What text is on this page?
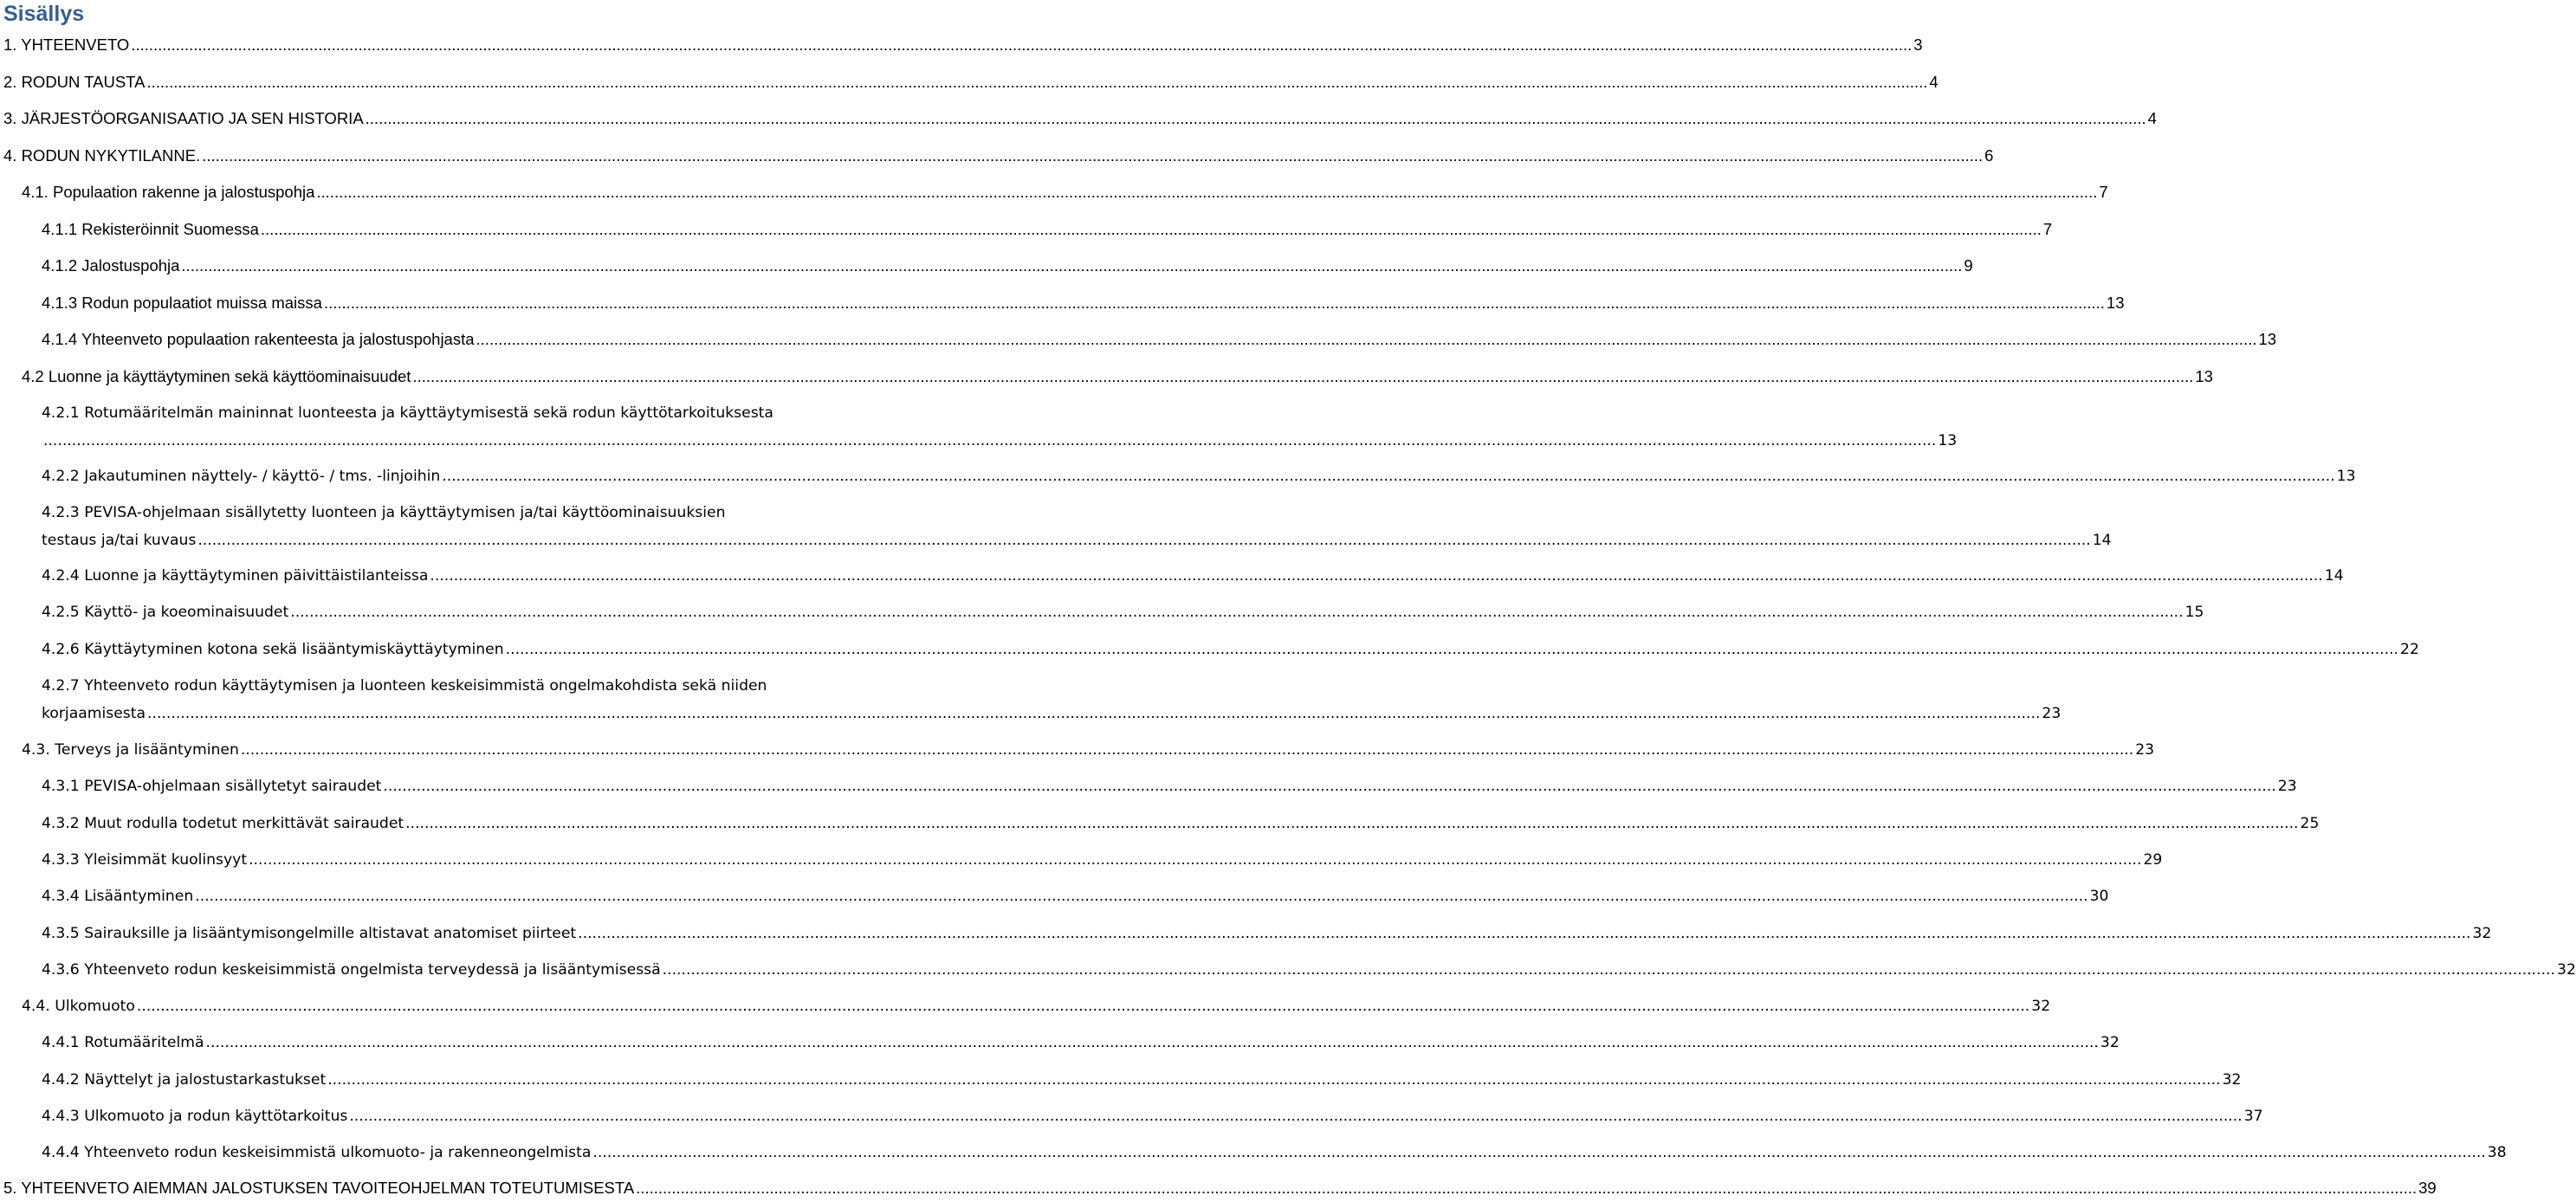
Sisällys
1. YHTEENVETO ................................................................................................................................................................................................................................................................................................................................................................................................................ 3
2. RODUN TAUSTA ................................................................................................................................................................................................................................................................................................................................................................................................................ 4
3. JÄRJESTÖORGANISAATIO JA SEN HISTORIA ................................................................................................................................................................................................................................................................................................................................................................................................................ 4
4. RODUN NYKYTILANNE. ................................................................................................................................................................................................................................................................................................................................................................................................................ 6
4.1. Populaation rakenne ja jalostuspohja ................................................................................................................................................................................................................................................................................................................................................................................................................ 7
4.1.1 Rekisteröinnit Suomessa ................................................................................................................................................................................................................................................................................................................................................................................................................ 7
4.1.2 Jalostuspohja ................................................................................................................................................................................................................................................................................................................................................................................................................ 9
4.1.3 Rodun populaatiot muissa maissa ................................................................................................................................................................................................................................................................................................................................................................................................................ 13
4.1.4 Yhteenveto populaation rakenteesta ja jalostuspohjasta ................................................................................................................................................................................................................................................................................................................................................................................................................ 13
4.2 Luonne ja käyttäytyminen sekä käyttöominaisuudet ................................................................................................................................................................................................................................................................................................................................................................................................................ 13
4.2.1 Rotumääritelmän maininnat luonteesta ja käyttäytymisestä sekä rodun käyttötarkoituksesta
................................................................................................................................................................................................................................................................................................................................................................................................................ 13
4.2.2 Jakautuminen näyttely- / käyttö- / tms. -linjoihin ................................................................................................................................................................................................................................................................................................................................................................................................................ 13
4.2.3 PEVISA-ohjelmaan sisällytetty luonteen ja käyttäytymisen ja/tai käyttöominaisuuksien
testaus ja/tai kuvaus ................................................................................................................................................................................................................................................................................................................................................................................................................ 14
4.2.4 Luonne ja käyttäytyminen päivittäistilanteissa ................................................................................................................................................................................................................................................................................................................................................................................................................ 14
4.2.5 Käyttö- ja koeominaisuudet ................................................................................................................................................................................................................................................................................................................................................................................................................ 15
4.2.6 Käyttäytyminen kotona sekä lisääntymiskäyttäytyminen ................................................................................................................................................................................................................................................................................................................................................................................................................ 22
4.2.7 Yhteenveto rodun käyttäytymisen ja luonteen keskeisimmistä ongelmakohdista sekä niiden
korjaamisesta ................................................................................................................................................................................................................................................................................................................................................................................................................ 23
4.3. Terveys ja lisääntyminen ................................................................................................................................................................................................................................................................................................................................................................................................................ 23
4.3.1 PEVISA-ohjelmaan sisällytetyt sairaudet ................................................................................................................................................................................................................................................................................................................................................................................................................ 23
4.3.2 Muut rodulla todetut merkittävät sairaudet ................................................................................................................................................................................................................................................................................................................................................................................................................ 25
4.3.3 Yleisimmät kuolinsyyt ................................................................................................................................................................................................................................................................................................................................................................................................................ 29
4.3.4 Lisääntyminen ................................................................................................................................................................................................................................................................................................................................................................................................................ 30
4.3.5 Sairauksille ja lisääntymisongelmille altistavat anatomiset piirteet ................................................................................................................................................................................................................................................................................................................................................................................................................ 32
4.3.6 Yhteenveto rodun keskeisimmistä ongelmista terveydessä ja lisääntymisessä ................................................................................................................................................................................................................................................................................................................................................................................................................ 32
4.4. Ulkomuoto ................................................................................................................................................................................................................................................................................................................................................................................................................ 32
4.4.1 Rotumääritelmä ................................................................................................................................................................................................................................................................................................................................................................................................................ 32
4.4.2 Näyttelyt ja jalostustarkastukset ................................................................................................................................................................................................................................................................................................................................................................................................................ 32
4.4.3 Ulkomuoto ja rodun käyttötarkoitus ................................................................................................................................................................................................................................................................................................................................................................................................................ 37
4.4.4 Yhteenveto rodun keskeisimmistä ulkomuoto- ja rakenneongelmista ................................................................................................................................................................................................................................................................................................................................................................................................................ 38
5. YHTEENVETO AIEMMAN JALOSTUKSEN TAVOITEOHJELMAN TOTEUTUMISESTA ................................................................................................................................................................................................................................................................................................................................................................................................................ 39
